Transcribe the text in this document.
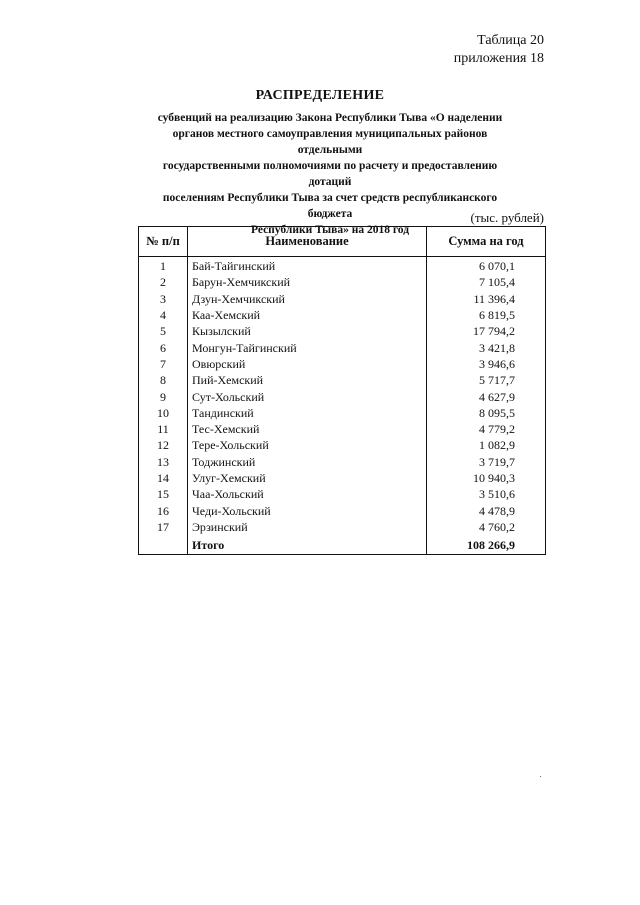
Таблица 20
приложения 18
РАСПРЕДЕЛЕНИЕ
субвенций на реализацию Закона Республики Тыва «О наделении
органов местного самоуправления муниципальных районов отдельными
государственными полномочиями по расчету и предоставлению дотаций
поселениям Республики Тыва за счет средств республиканского бюджета
Республики Тыва» на 2018 год
(тыс. рублей)
№ п/п	Наименование	Сумма на год
1	Бай-Тайгинский	6 070,1
2	Барун-Хемчикский	7 105,4
3	Дзун-Хемчикский	11 396,4
4	Каа-Хемский	6 819,5
5	Кызылский	17 794,2
6	Монгун-Тайгинский	3 421,8
7	Овюрский	3 946,6
8	Пий-Хемский	5 717,7
9	Сут-Хольский	4 627,9
10	Тандинский	8 095,5
11	Тес-Хемский	4 779,2
12	Тере-Хольский	1 082,9
13	Тоджинский	3 719,7
14	Улуг-Хемский	10 940,3
15	Чаа-Хольский	3 510,6
16	Чеди-Хольский	4 478,9
17	Эрзинский	4 760,2
	Итого	108 266,9
